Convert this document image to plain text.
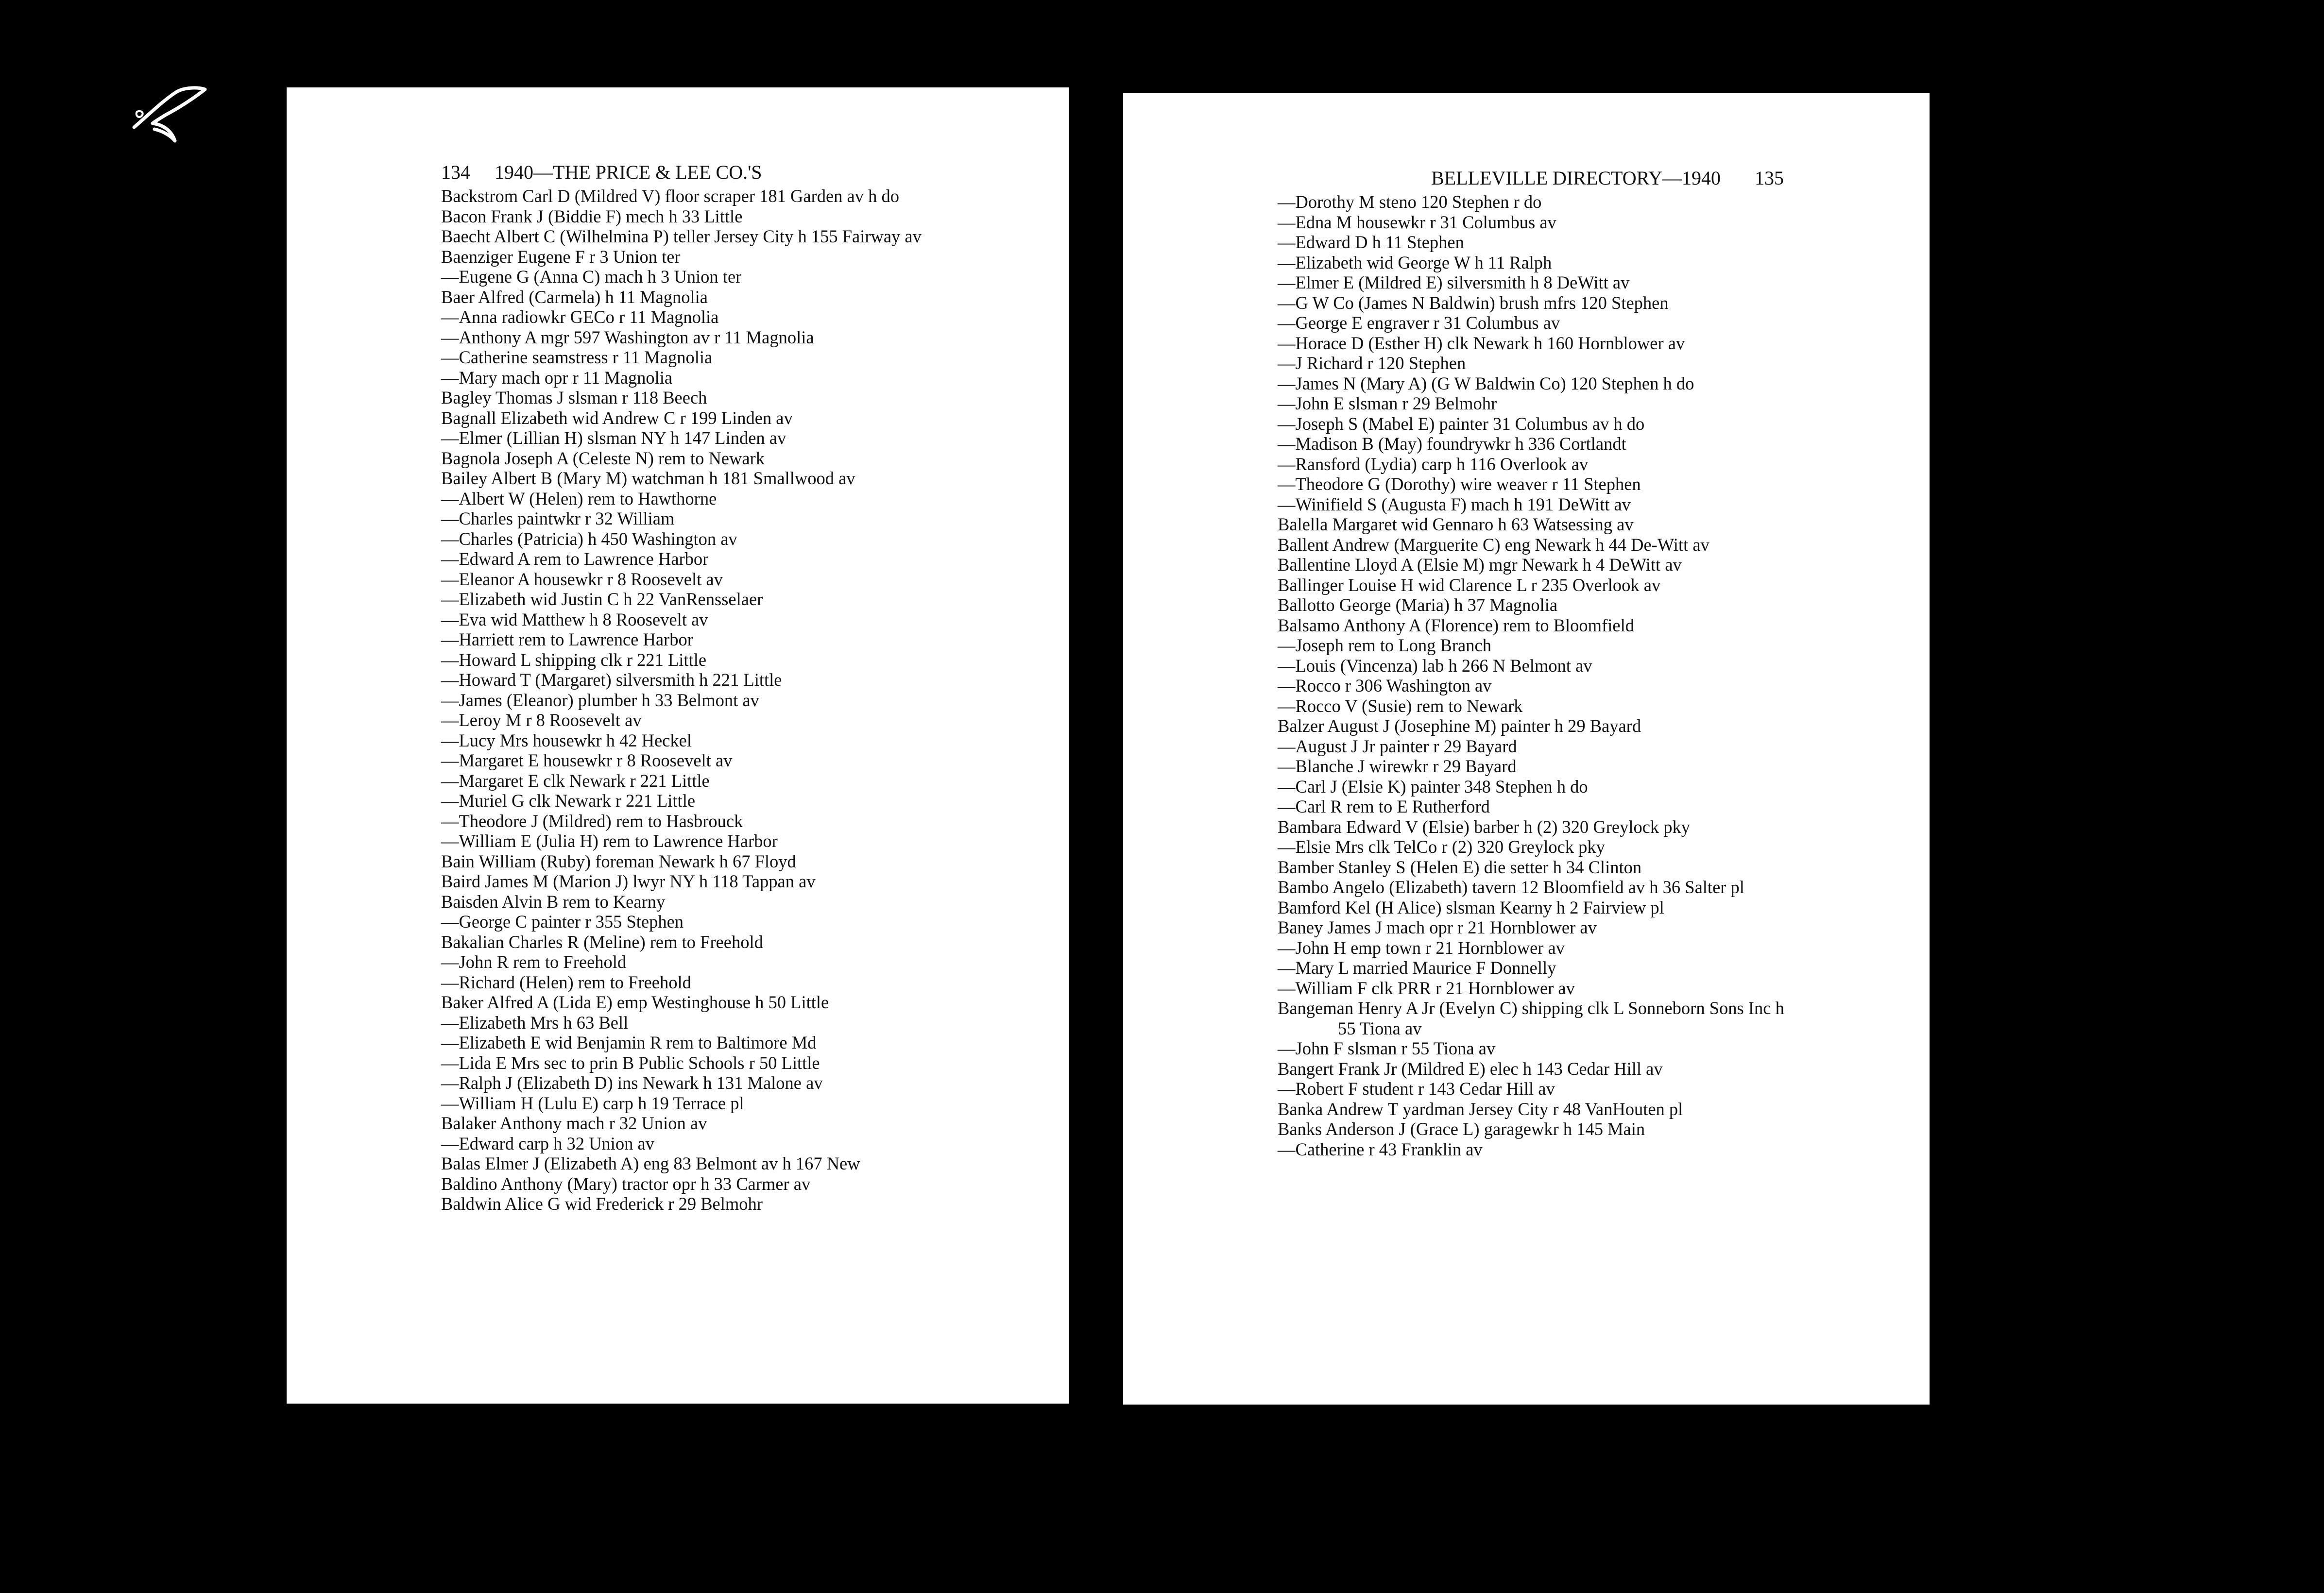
134 1940—THE PRICE & LEE CO.'S
Backstrom Carl D (Mildred V) floor scraper 181 Garden av h do
Bacon Frank J (Biddie F) mech h 33 Little
Baecht Albert C (Wilhelmina P) teller Jersey City h 155 Fairway av
Baenziger Eugene F r 3 Union ter
—Eugene G (Anna C) mach h 3 Union ter
Baer Alfred (Carmela) h 11 Magnolia
—Anna radiowkr GECo r 11 Magnolia
—Anthony A mgr 597 Washington av r 11 Magnolia
—Catherine seamstress r 11 Magnolia
—Mary mach opr r 11 Magnolia
Bagley Thomas J slsman r 118 Beech
Bagnall Elizabeth wid Andrew C r 199 Linden av
—Elmer (Lillian H) slsman NY h 147 Linden av
Bagnola Joseph A (Celeste N) rem to Newark
Bailey Albert B (Mary M) watchman h 181 Smallwood av
—Albert W (Helen) rem to Hawthorne
—Charles paintwkr r 32 William
—Charles (Patricia) h 450 Washington av
—Edward A rem to Lawrence Harbor
—Eleanor A housewkr r 8 Roosevelt av
—Elizabeth wid Justin C h 22 VanRensselaer
—Eva wid Matthew h 8 Roosevelt av
—Harriett rem to Lawrence Harbor
—Howard L shipping clk r 221 Little
—Howard T (Margaret) silversmith h 221 Little
—James (Eleanor) plumber h 33 Belmont av
—Leroy M r 8 Roosevelt av
—Lucy Mrs housewkr h 42 Heckel
—Margaret E housewkr r 8 Roosevelt av
—Margaret E clk Newark r 221 Little
—Muriel G clk Newark r 221 Little
—Theodore J (Mildred) rem to Hasbrouck
—William E (Julia H) rem to Lawrence Harbor
Bain William (Ruby) foreman Newark h 67 Floyd
Baird James M (Marion J) lwyr NY h 118 Tappan av
Baisden Alvin B rem to Kearny
—George C painter r 355 Stephen
Bakalian Charles R (Meline) rem to Freehold
—John R rem to Freehold
—Richard (Helen) rem to Freehold
Baker Alfred A (Lida E) emp Westinghouse h 50 Little
—Elizabeth Mrs h 63 Bell
—Elizabeth E wid Benjamin R rem to Baltimore Md
—Lida E Mrs sec to prin B Public Schools r 50 Little
—Ralph J (Elizabeth D) ins Newark h 131 Malone av
—William H (Lulu E) carp h 19 Terrace pl
Balaker Anthony mach r 32 Union av
—Edward carp h 32 Union av
Balas Elmer J (Elizabeth A) eng 83 Belmont av h 167 New
Baldino Anthony (Mary) tractor opr h 33 Carmer av
Baldwin Alice G wid Frederick r 29 Belmohr
BELLEVILLE DIRECTORY—1940 135
—Dorothy M steno 120 Stephen r do
—Edna M housewkr r 31 Columbus av
—Edward D h 11 Stephen
—Elizabeth wid George W h 11 Ralph
—Elmer E (Mildred E) silversmith h 8 DeWitt av
—G W Co (James N Baldwin) brush mfrs 120 Stephen
—George E engraver r 31 Columbus av
—Horace D (Esther H) clk Newark h 160 Hornblower av
—J Richard r 120 Stephen
—James N (Mary A) (G W Baldwin Co) 120 Stephen h do
—John E slsman r 29 Belmohr
—Joseph S (Mabel E) painter 31 Columbus av h do
—Madison B (May) foundrywkr h 336 Cortlandt
—Ransford (Lydia) carp h 116 Overlook av
—Theodore G (Dorothy) wire weaver r 11 Stephen
—Winifield S (Augusta F) mach h 191 DeWitt av
Balella Margaret wid Gennaro h 63 Watsessing av
Ballent Andrew (Marguerite C) eng Newark h 44 De-Witt av
Ballentine Lloyd A (Elsie M) mgr Newark h 4 DeWitt av
Ballinger Louise H wid Clarence L r 235 Overlook av
Ballotto George (Maria) h 37 Magnolia
Balsamo Anthony A (Florence) rem to Bloomfield
—Joseph rem to Long Branch
—Louis (Vincenza) lab h 266 N Belmont av
—Rocco r 306 Washington av
—Rocco V (Susie) rem to Newark
Balzer August J (Josephine M) painter h 29 Bayard
—August J Jr painter r 29 Bayard
—Blanche J wirewkr r 29 Bayard
—Carl J (Elsie K) painter 348 Stephen h do
—Carl R rem to E Rutherford
Bambara Edward V (Elsie) barber h (2) 320 Greylock pky
—Elsie Mrs clk TelCo r (2) 320 Greylock pky
Bamber Stanley S (Helen E) die setter h 34 Clinton
Bambo Angelo (Elizabeth) tavern 12 Bloomfield av h 36 Salter pl
Bamford Kel (H Alice) slsman Kearny h 2 Fairview pl
Baney James J mach opr r 21 Hornblower av
—John H emp town r 21 Hornblower av
—Mary L married Maurice F Donnelly
—William F clk PRR r 21 Hornblower av
Bangeman Henry A Jr (Evelyn C) shipping clk L Sonneborn Sons Inc h 55 Tiona av
—John F slsman r 55 Tiona av
Bangert Frank Jr (Mildred E) elec h 143 Cedar Hill av
—Robert F student r 143 Cedar Hill av
Banka Andrew T yardman Jersey City r 48 VanHouten pl
Banks Anderson J (Grace L) garagewkr h 145 Main
—Catherine r 43 Franklin av
